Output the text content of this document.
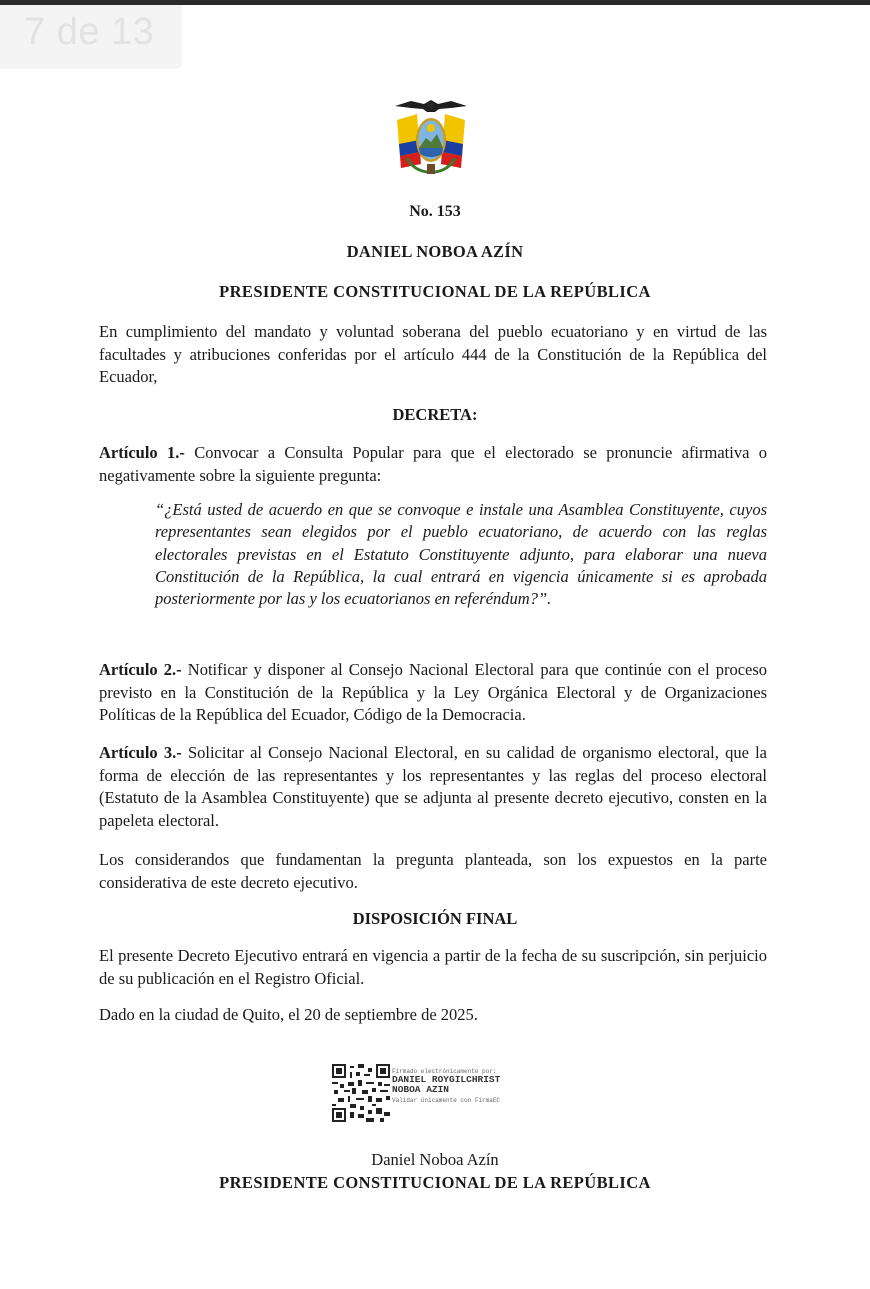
7 de 13
No. 153
DANIEL NOBOA AZÍN
PRESIDENTE CONSTITUCIONAL DE LA REPÚBLICA

En cumplimiento del mandato y voluntad soberana del pueblo ecuatoriano y en virtud de las facultades y atribuciones conferidas por el artículo 444 de la Constitución de la República del Ecuador,

DECRETA:

Artículo 1.- Convocar a Consulta Popular para que el electorado se pronuncie afirmativa o negativamente sobre la siguiente pregunta:

“¿Está usted de acuerdo en que se convoque e instale una Asamblea Constituyente, cuyos representantes sean elegidos por el pueblo ecuatoriano, de acuerdo con las reglas electorales previstas en el Estatuto Constituyente adjunto, para elaborar una nueva Constitución de la República, la cual entrará en vigencia únicamente si es aprobada posteriormente por las y los ecuatorianos en referéndum?”.

Artículo 2.- Notificar y disponer al Consejo Nacional Electoral para que continúe con el proceso previsto en la Constitución de la República y la Ley Orgánica Electoral y de Organizaciones Políticas de la República del Ecuador, Código de la Democracia.

Artículo 3.- Solicitar al Consejo Nacional Electoral, en su calidad de organismo electoral, que la forma de elección de las representantes y los representantes y las reglas del proceso electoral (Estatuto de la Asamblea Constituyente) que se adjunta al presente decreto ejecutivo, consten en la papeleta electoral.

Los considerandos que fundamentan la pregunta planteada, son los expuestos en la parte considerativa de este decreto ejecutivo.

DISPOSICIÓN FINAL

El presente Decreto Ejecutivo entrará en vigencia a partir de la fecha de su suscripción, sin perjuicio de su publicación en el Registro Oficial.

Dado en la ciudad de Quito, el 20 de septiembre de 2025.

Firmado electrónicamente por:
DANIEL ROYGILCHRIST
NOBOA AZIN
Validar únicamente con FirmaEC
Daniel Noboa Azín
PRESIDENTE CONSTITUCIONAL DE LA REPÚBLICA
